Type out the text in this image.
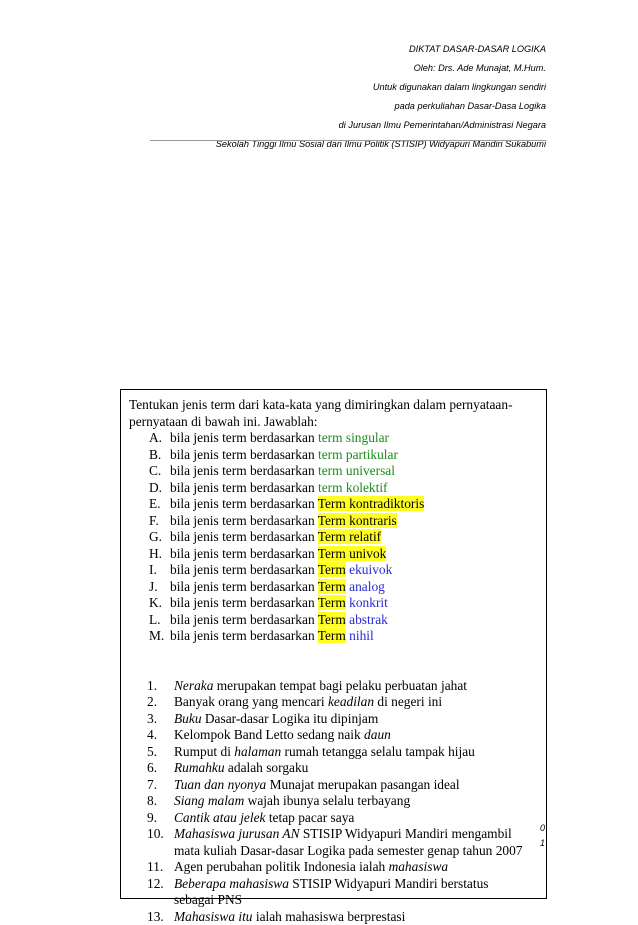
DIKTAT DASAR-DASAR LOGIKA
Oleh: Drs. Ade Munajat, M.Hum.
Untuk digunakan dalam lingkungan sendiri
pada perkuliahan Dasar-Dasa Logika
di Jurusan Ilmu Pemerintahan/Administrasi Negara
Sekolah Tinggi Ilmu Sosial dan Ilmu Politik (STISIP) Widyapuri Mandiri Sukabumi
0
1
Tentukan jenis term dari kata-kata yang dimiringkan dalam pernyataan-
pernyataan di bawah ini. Jawablah:
A. bila jenis term berdasarkan term singular
B. bila jenis term berdasarkan term partikular
C. bila jenis term berdasarkan term universal
D. bila jenis term berdasarkan term kolektif
E. bila jenis term berdasarkan Term kontradiktoris
F. bila jenis term berdasarkan Term kontraris
G. bila jenis term berdasarkan Term relatif
H. bila jenis term berdasarkan Term univok
I. bila jenis term berdasarkan Term ekuivok
J. bila jenis term berdasarkan Term analog
K. bila jenis term berdasarkan Term konkrit
L. bila jenis term berdasarkan Term abstrak
M. bila jenis term berdasarkan Term nihil
1.	Neraka merupakan tempat bagi pelaku perbuatan jahat
2.	Banyak orang yang mencari keadilan di negeri ini
3.	Buku Dasar-dasar Logika itu dipinjam
4.	Kelompok Band Letto sedang naik daun
5.	Rumput di halaman rumah tetangga selalu tampak hijau
6.	Rumahku adalah sorgaku
7.	Tuan dan nyonya Munajat merupakan pasangan ideal
8.	Siang malam wajah ibunya selalu terbayang
9.	Cantik atau jelek tetap pacar saya
10. Mahasiswa jurusan AN STISIP Widyapuri Mandiri mengambil mata kuliah Dasar-dasar Logika pada semester genap tahun 2007
11. Agen perubahan politik Indonesia ialah mahasiswa
12. Beberapa mahasiswa STISIP Widyapuri Mandiri berstatus sebagai PNS
13. Mahasiswa itu ialah mahasiswa berprestasi
